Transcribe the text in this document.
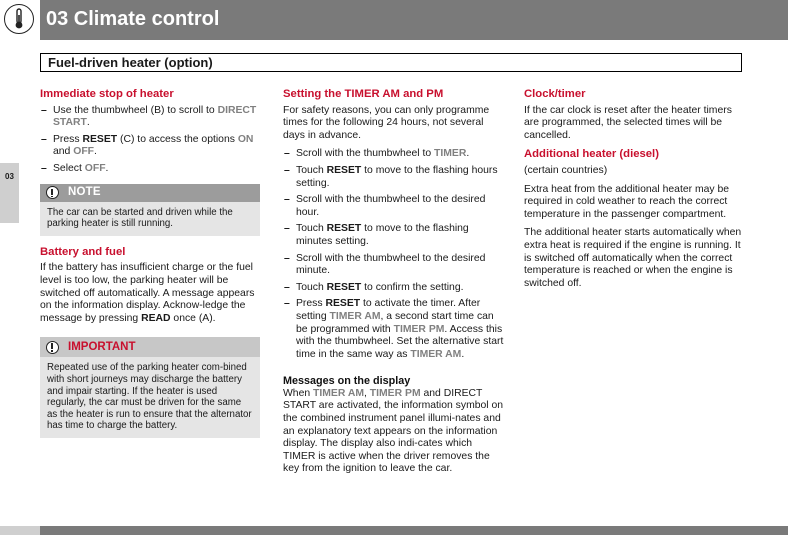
03 Climate control
Fuel-driven heater (option)
03
Immediate stop of heater
– Use the thumbwheel (B) to scroll to DIRECT START.
– Press RESET (C) to access the options ON and OFF.
– Select OFF.
NOTE
The car can be started and driven while the parking heater is still running.
Battery and fuel

If the battery has insufficient charge or the fuel level is too low, the parking heater will be switched off automatically. A message appears on the information display. Acknow-ledge the message by pressing READ once (A).

IMPORTANT
Repeated use of the parking heater com-bined with short journeys may discharge the battery and impair starting. If the heater is used regularly, the car must be driven for the same as the heater is run to ensure that the alternator has time to charge the battery.
Setting the TIMER AM and PM

For safety reasons, you can only programme times for the following 24 hours, not several days in advance.

– Scroll with the thumbwheel to TIMER.
– Touch RESET to move to the flashing hours setting.
– Scroll with the thumbwheel to the desired hour.
– Touch RESET to move to the flashing minutes setting.
– Scroll with the thumbwheel to the desired minute.
– Touch RESET to confirm the setting.
– Press RESET to activate the timer. After setting TIMER AM, a second start time can be programmed with TIMER PM. Access this with the thumbwheel. Set the alternative start time in the same way as TIMER AM.
Messages on the display

When TIMER AM, TIMER PM and DIRECT START are activated, the information symbol on the combined instrument panel illumi-nates and an explanatory text appears on the information display. The display also indi-cates which TIMER is active when the driver removes the key from the ignition to leave the car.

Clock/timer

If the car clock is reset after the heater timers are programmed, the selected times will be cancelled.

Additional heater (diesel)

(certain countries)

Extra heat from the additional heater may be required in cold weather to reach the correct temperature in the passenger compartment.

The additional heater starts automatically when extra heat is required if the engine is running. It is switched off automatically when the correct temperature is reached or when the engine is switched off.
